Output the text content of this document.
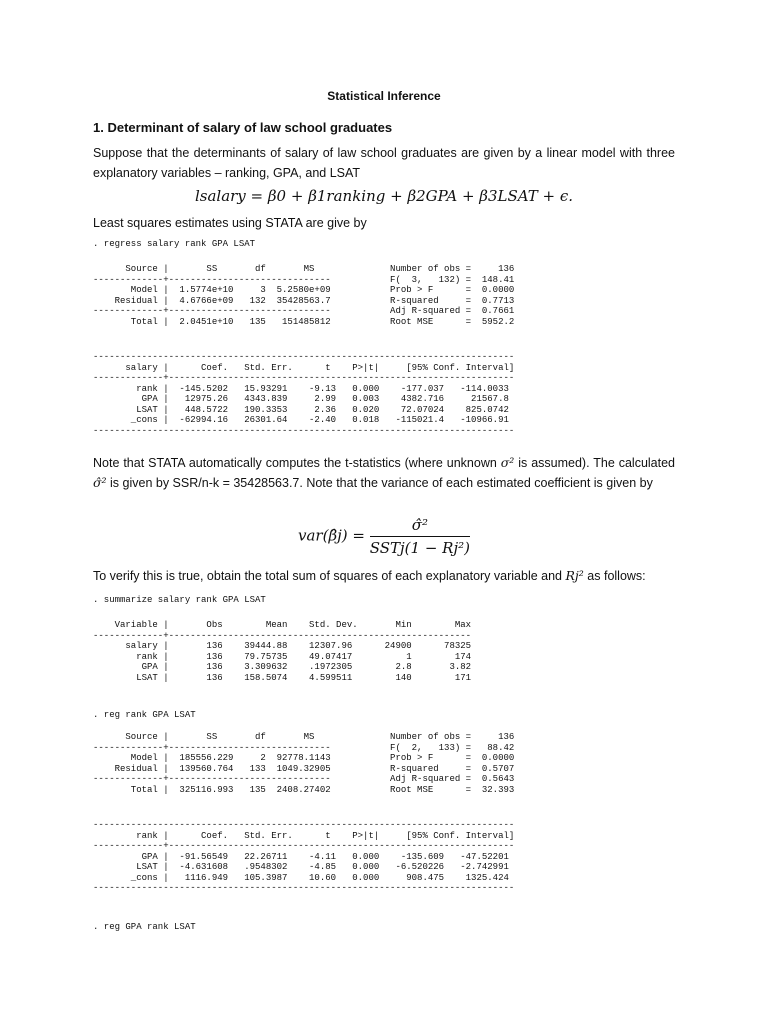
Statistical Inference
1. Determinant of salary of law school graduates
Suppose that the determinants of salary of law school graduates are given by a linear model with three explanatory variables – ranking, GPA, and LSAT
lsalary = β0 + β1ranking + β2GPA + β3LSAT + ϵ.
Least squares estimates using STATA are give by
. regress salary rank GPA LSAT
Source |       SS       df       MS              Number of obs =     136
-------------+------------------------------           F(  3,   132) =  148.41
Model |  1.5774e+10     3  5.2580e+09           Prob > F      =  0.0000
Residual |  4.6766e+09   132  35428563.7           R-squared     =  0.7713
-------------+------------------------------           Adj R-squared =  0.7661
Total |  2.0451e+10   135   151485812           Root MSE      =  5952.2
------------------------------------------------------------------------------
salary |      Coef.   Std. Err.      t    P>|t|     [95% Conf. Interval]
-------------+----------------------------------------------------------------
rank |  -145.5202   15.93291    -9.13   0.000    -177.037   -114.0033
GPA |   12975.26   4343.839     2.99   0.003    4382.716     21567.8
LSAT |   448.5722   190.3353     2.36   0.020    72.07024    825.0742
_cons |  -62994.16   26301.64    -2.40   0.018   -115021.4   -10966.91
------------------------------------------------------------------------------
Note that STATA automatically computes the t-statistics (where unknown σ² is assumed). The calculated σ̂² is given by SSR/n-k = 35428563.7. Note that the variance of each estimated coefficient is given by
var(β̂j) = $\frac{\text{σ̂²}}{\text{SSTj(1 − Rj²)}}$
To verify this is true, obtain the total sum of squares of each explanatory variable and Rj² as follows:
. summarize salary rank GPA LSAT
Variable |       Obs        Mean    Std. Dev.       Min        Max
-------------+--------------------------------------------------------
salary |       136    39444.88    12307.96      24900      78325
rank |       136    79.75735    49.07417          1        174
GPA |       136    3.309632    .1972305        2.8       3.82
LSAT |       136    158.5074    4.599511        140        171
. reg rank GPA LSAT
Source |       SS       df       MS              Number of obs =     136
-------------+------------------------------           F(  2,   133) =   88.42
Model |  185556.229     2  92778.1143           Prob > F      =  0.0000
Residual |  139560.764   133  1049.32905           R-squared     =  0.5707
-------------+------------------------------           Adj R-squared =  0.5643
Total |  325116.993   135  2408.27402           Root MSE      =  32.393
------------------------------------------------------------------------------
rank |      Coef.   Std. Err.      t    P>|t|     [95% Conf. Interval]
-------------+----------------------------------------------------------------
GPA |  -91.56549   22.26711    -4.11   0.000    -135.609   -47.52201
LSAT |  -4.631608   .9548302    -4.85   0.000   -6.520226   -2.742991
_cons |   1116.949   105.3987    10.60   0.000     908.475    1325.424
------------------------------------------------------------------------------
. reg GPA rank LSAT
